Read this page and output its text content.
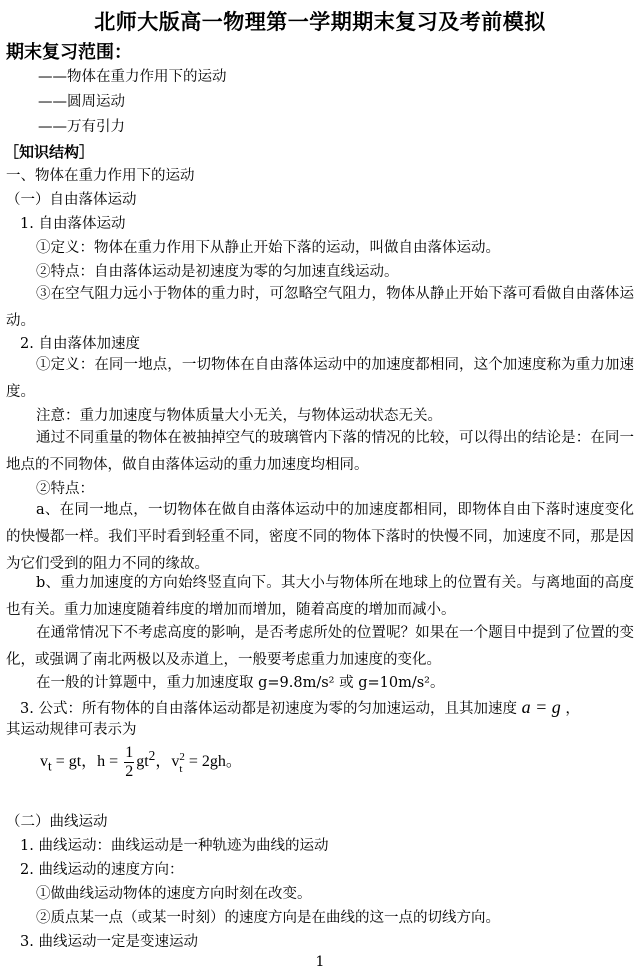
北师大版高一物理第一学期期末复习及考前模拟
期末复习范围：
——物体在重力作用下的运动
——圆周运动
——万有引力
［知识结构］
一、物体在重力作用下的运动
（一）自由落体运动
1. 自由落体运动
①定义：物体在重力作用下从静止开始下落的运动，叫做自由落体运动。
②特点：自由落体运动是初速度为零的匀加速直线运动。
③在空气阻力远小于物体的重力时，可忽略空气阻力，物体从静止开始下落可看做自由落体运动。
2. 自由落体加速度
①定义：在同一地点，一切物体在自由落体运动中的加速度都相同，这个加速度称为重力加速度。
注意：重力加速度与物体质量大小无关，与物体运动状态无关。
通过不同重量的物体在被抽掉空气的玻璃管内下落的情况的比较，可以得出的结论是：在同一地点的不同物体，做自由落体运动的重力加速度均相同。
②特点：
a、在同一地点，一切物体在做自由落体运动中的加速度都相同，即物体自由下落时速度变化的快慢都一样。我们平时看到轻重不同，密度不同的物体下落时的快慢不同，加速度不同，那是因为它们受到的阻力不同的缘故。
b、重力加速度的方向始终竖直向下。其大小与物体所在地球上的位置有关。与离地面的高度也有关。重力加速度随着纬度的增加而增加，随着高度的增加而减小。
在通常情况下不考虑高度的影响，是否考虑所处的位置呢？如果在一个题目中提到了位置的变化，或强调了南北两极以及赤道上，一般要考虑重力加速度的变化。
在一般的计算题中，重力加速度取 g=9.8m/s² 或 g=10m/s²。
3. 公式：所有物体的自由落体运动都是初速度为零的匀加速运动，且其加速度 a = g ，
其运动规律可表示为
$v_t$ = gt，$h = \frac{1}{2} gt^2$，v 2
t = 2gh。
（二）曲线运动
1. 曲线运动：曲线运动是一种轨迹为曲线的运动
2. 曲线运动的速度方向：
①做曲线运动物体的速度方向时刻在改变。
②质点某一点（或某一时刻）的速度方向是在曲线的这一点的切线方向。
3. 曲线运动一定是变速运动
1
